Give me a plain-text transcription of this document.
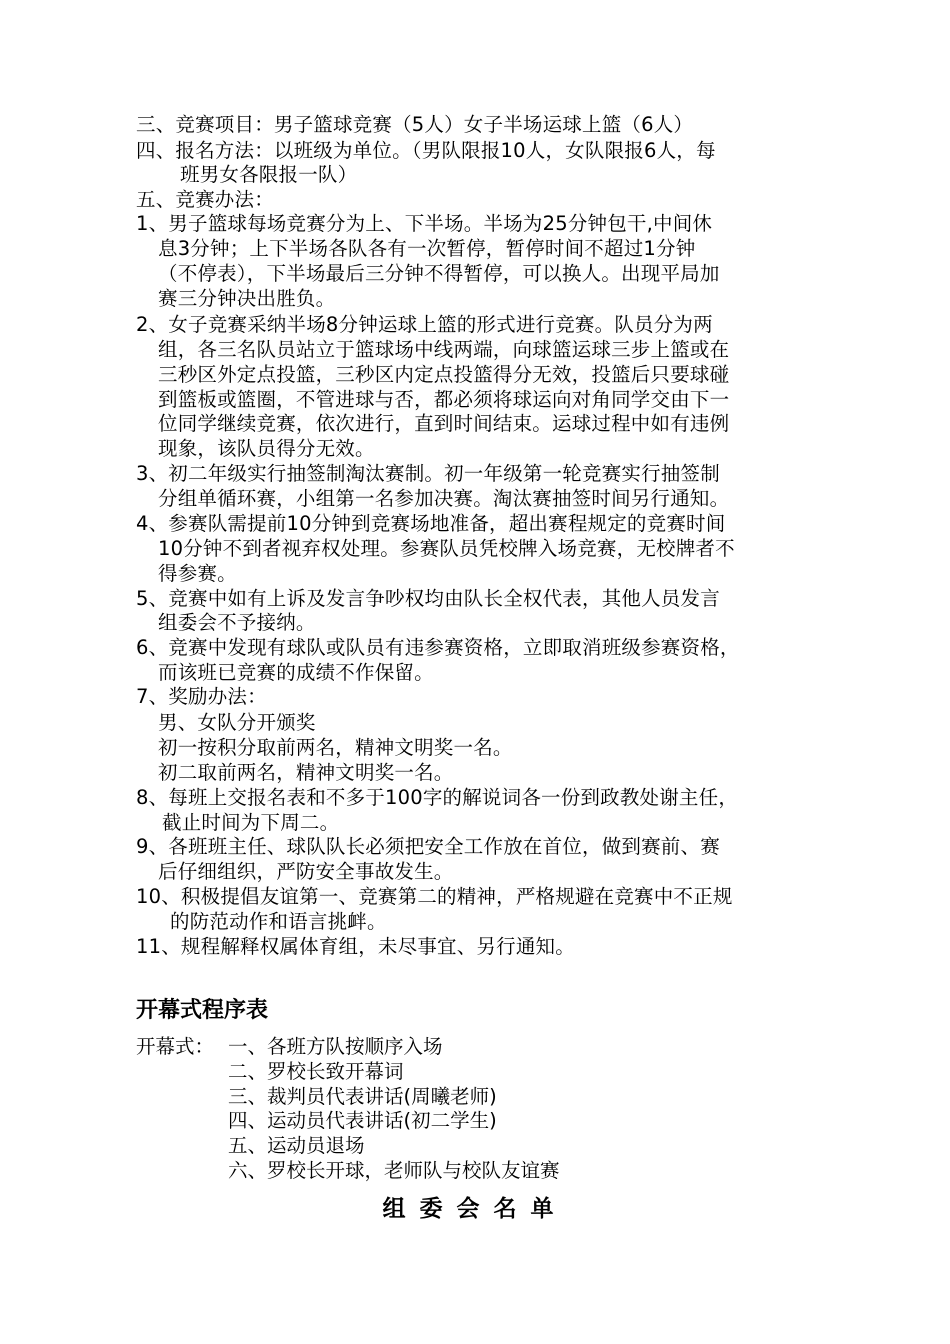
三、竞赛项目：男子篮球竞赛（5人）女子半场运球上篮（6人）
四、报名方法：以班级为单位。（男队限报10人，女队限报6人，每
班男女各限报一队）
五、竞赛办法：
1、男子篮球每场竞赛分为上、下半场。半场为25分钟包干,中间休
息3分钟；上下半场各队各有一次暂停，暂停时间不超过1分钟
（不停表），下半场最后三分钟不得暂停，可以换人。出现平局加
赛三分钟决出胜负。
2、女子竞赛采纳半场8分钟运球上篮的形式进行竞赛。队员分为两
组，各三名队员站立于篮球场中线两端，向球篮运球三步上篮或在
三秒区外定点投篮，三秒区内定点投篮得分无效，投篮后只要球碰
到篮板或篮圈，不管进球与否，都必须将球运向对角同学交由下一
位同学继续竞赛，依次进行，直到时间结束。运球过程中如有违例
现象，该队员得分无效。
3、初二年级实行抽签制淘汰赛制。初一年级第一轮竞赛实行抽签制
分组单循环赛，小组第一名参加决赛。淘汰赛抽签时间另行通知。
4、参赛队需提前10分钟到竞赛场地准备，超出赛程规定的竞赛时间
10分钟不到者视弃权处理。参赛队员凭校牌入场竞赛，无校牌者不
得参赛。
5、竞赛中如有上诉及发言争吵权均由队长全权代表，其他人员发言
组委会不予接纳。
6、竞赛中发现有球队或队员有违参赛资格，立即取消班级参赛资格，
而该班已竞赛的成绩不作保留。
7、奖励办法：
男、女队分开颁奖
初一按积分取前两名，精神文明奖一名。
初二取前两名，精神文明奖一名。
8、每班上交报名表和不多于100字的解说词各一份到政教处谢主任，
截止时间为下周二。
9、各班班主任、球队队长必须把安全工作放在首位，做到赛前、赛
后仔细组织，严防安全事故发生。
10、积极提倡友谊第一、竞赛第二的精神，严格规避在竞赛中不正规
的防范动作和语言挑衅。
11、规程解释权属体育组，未尽事宜、另行通知。
开幕式程序表
开幕式： 一、各班方队按顺序入场
二、罗校长致开幕词
三、裁判员代表讲话(周曦老师)
四、运动员代表讲话(初二学生)
五、运动员退场
六、罗校长开球，老师队与校队友谊赛
组委会名单
